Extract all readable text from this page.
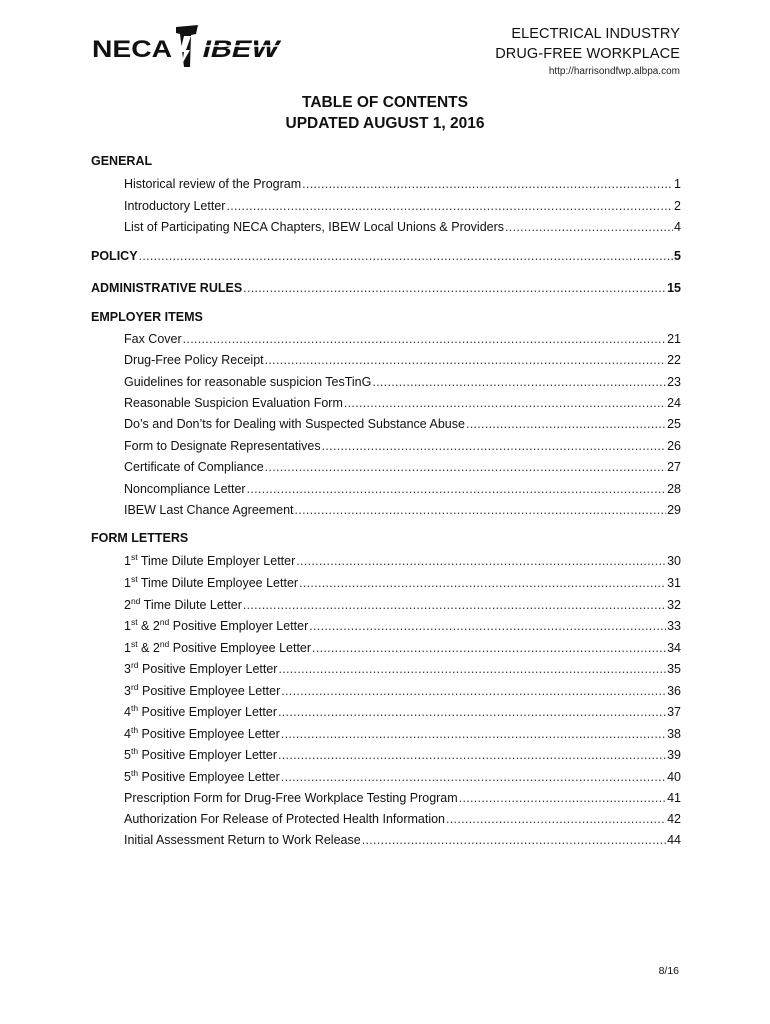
NECA IBEW
ELECTRICAL INDUSTRY
DRUG-FREE WORKPLACE
http://harrisondfwp.albpa.com
TABLE OF CONTENTS
UPDATED AUGUST 1, 2016
GENERAL
Historical review of the Program .....	1
Introductory Letter .....	2
List of Participating NECA Chapters, IBEW Local Unions & Providers .....	4
POLICY .....	5
ADMINISTRATIVE RULES .....	15
EMPLOYER ITEMS
Fax Cover .....	21
Drug-Free Policy Receipt .....	22
Guidelines for reasonable suspicion TesTinG .....	23
Reasonable Suspicion Evaluation Form .....	24
Do’s and Don’ts for Dealing with Suspected Substance Abuse .....	25
Form to Designate Representatives .....	26
Certificate of Compliance .....	27
Noncompliance Letter .....	28
IBEW Last Chance Agreement .....	29
FORM LETTERS
1st Time Dilute Employer Letter .....	30
1st Time Dilute Employee Letter .....	31
2nd Time Dilute Letter .....	32
1st & 2nd Positive Employer Letter .....	33
1st & 2nd Positive Employee Letter .....	34
3rd Positive Employer Letter .....	35
3rd Positive Employee Letter .....	36
4th Positive Employer Letter .....	37
4th Positive Employee Letter .....	38
5th Positive Employer Letter .....	39
5th Positive Employee Letter .....	40
Prescription Form for Drug-Free Workplace Testing Program .....	41
Authorization For Release of Protected Health Information .....	42
Initial Assessment Return to Work Release .....	44
8/16
